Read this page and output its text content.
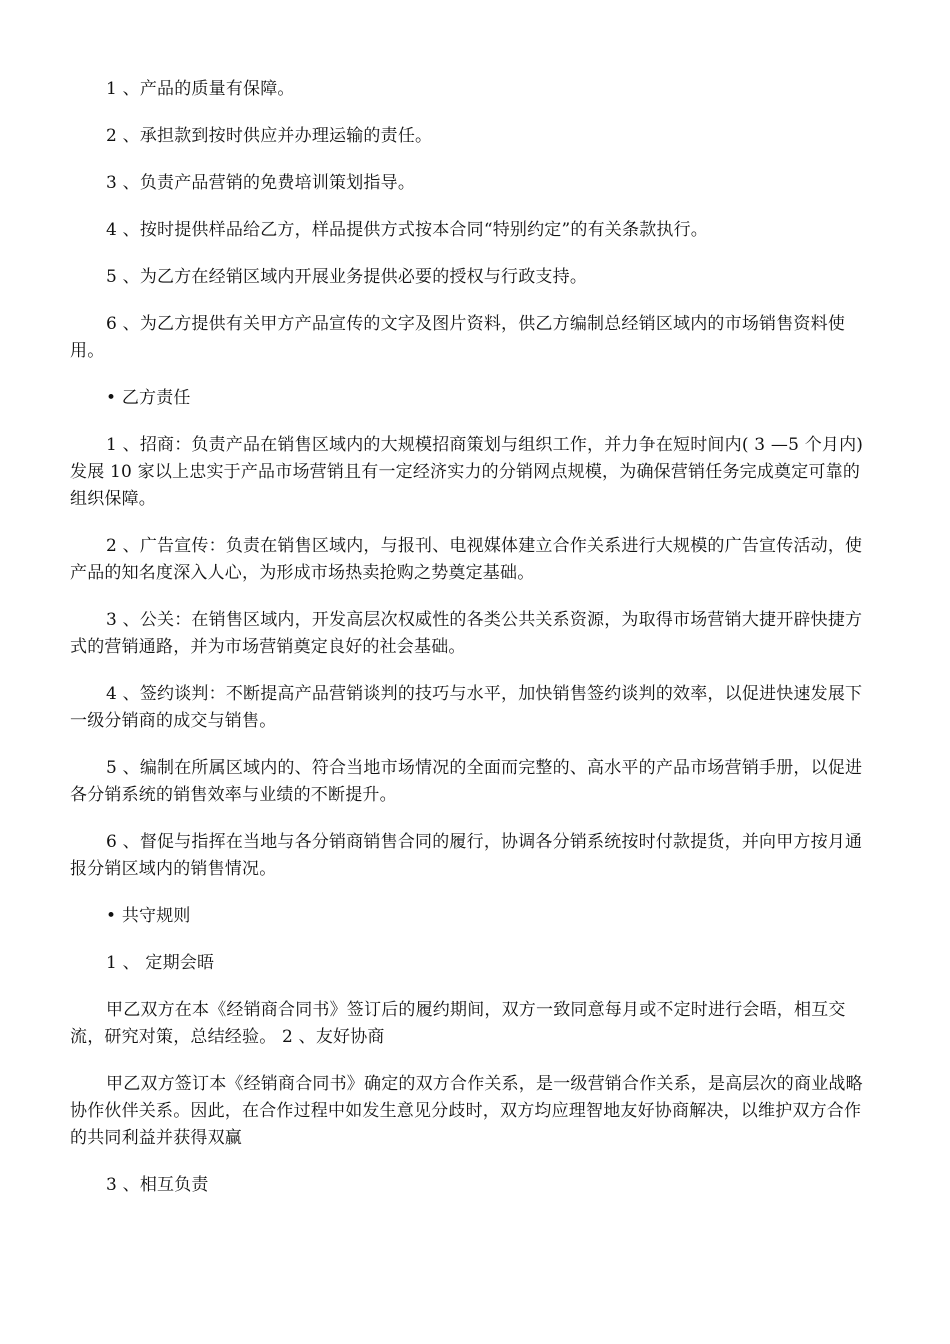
1 、产品的质量有保障。

2 、承担款到按时供应并办理运输的责任。

3 、负责产品营销的免费培训策划指导。

4 、按时提供样品给乙方，样品提供方式按本合同“特别约定”的有关条款执行。

5 、为乙方在经销区域内开展业务提供必要的授权与行政支持。

6 、为乙方提供有关甲方产品宣传的文字及图片资料，供乙方编制总经销区域内的市场销售资料使用。

• 乙方责任

1 、招商：负责产品在销售区域内的大规模招商策划与组织工作，并力争在短时间内( 3 —5 个月内)发展 10 家以上忠实于产品市场营销且有一定经济实力的分销网点规模，为确保营销任务完成奠定可靠的组织保障。

2 、广告宣传：负责在销售区域内，与报刊、电视媒体建立合作关系进行大规模的广告宣传活动，使产品的知名度深入人心，为形成市场热卖抢购之势奠定基础。

3 、公关：在销售区域内，开发高层次权威性的各类公共关系资源，为取得市场营销大捷开辟快捷方式的营销通路，并为市场营销奠定良好的社会基础。

4 、签约谈判：不断提高产品营销谈判的技巧与水平，加快销售签约谈判的效率，以促进快速发展下一级分销商的成交与销售。

5 、编制在所属区域内的、符合当地市场情况的全面而完整的、高水平的产品市场营销手册，以促进各分销系统的销售效率与业绩的不断提升。

6 、督促与指挥在当地与各分销商销售合同的履行，协调各分销系统按时付款提货，并向甲方按月通报分销区域内的销售情况。

• 共守规则

1 、 定期会晤

甲乙双方在本《经销商合同书》签订后的履约期间，双方一致同意每月或不定时进行会晤，相互交流，研究对策，总结经验。 2 、友好协商

甲乙双方签订本《经销商合同书》确定的双方合作关系，是一级营销合作关系，是高层次的商业战略协作伙伴关系。因此，在合作过程中如发生意见分歧时，双方均应理智地友好协商解决，以维护双方合作的共同利益并获得双赢

3 、相互负责
